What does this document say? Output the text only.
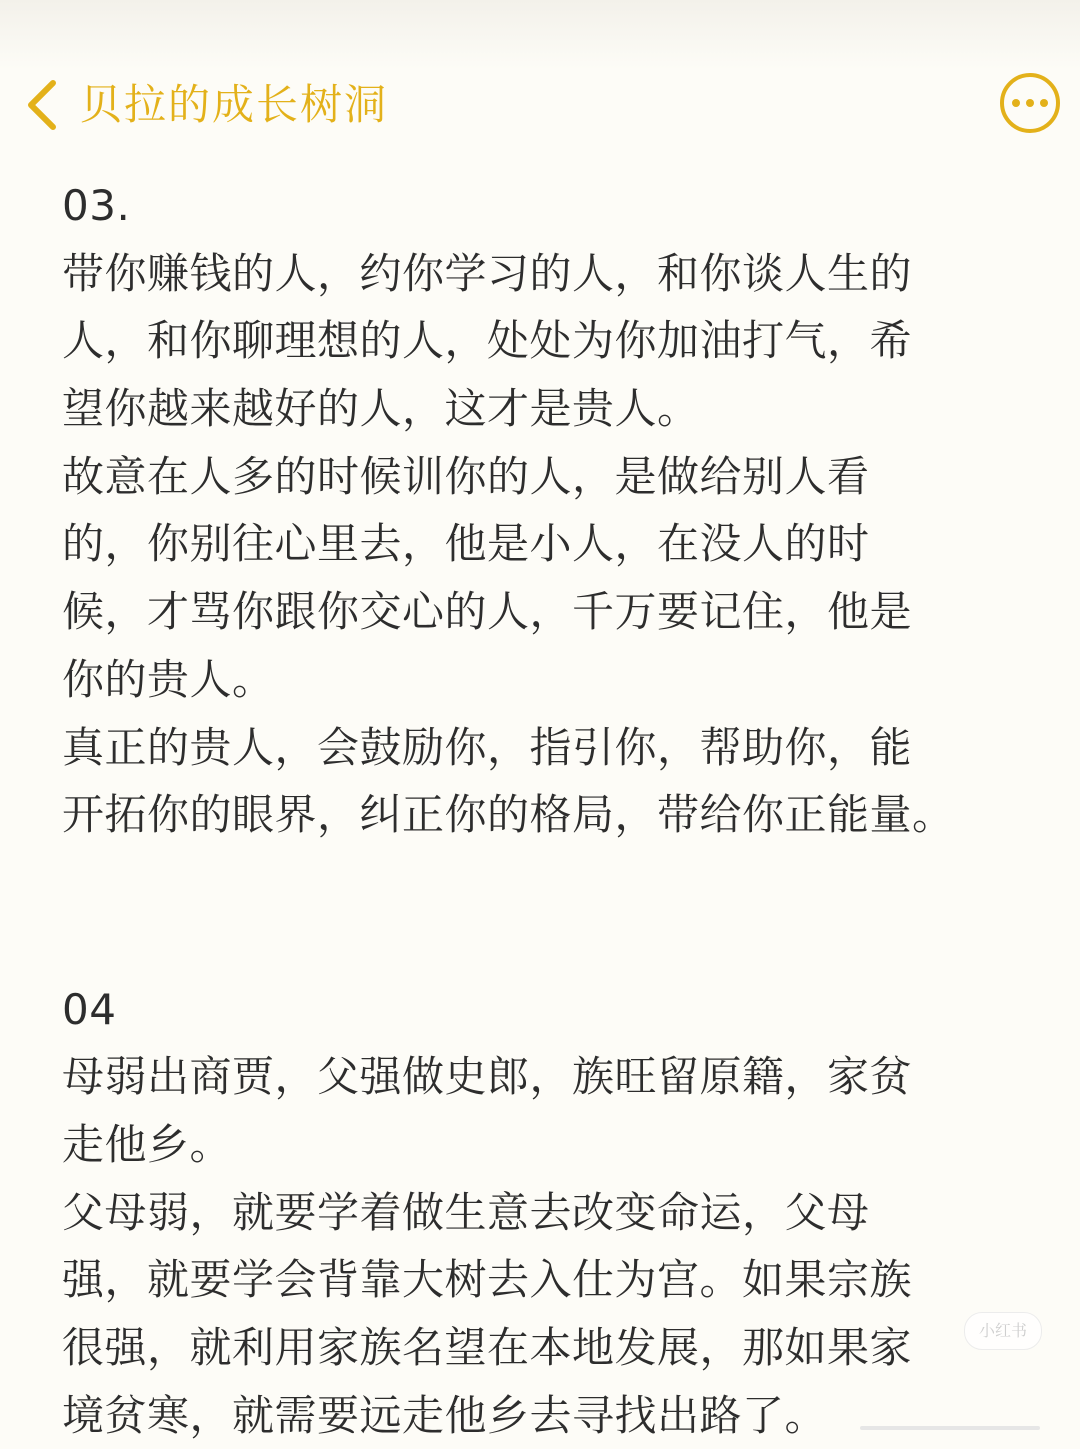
贝拉的成长树洞
03.
带你赚钱的人，约你学习的人，和你谈人生的
人，和你聊理想的人，处处为你加油打气，希
望你越来越好的人，这才是贵人。
故意在人多的时候训你的人，是做给别人看
的，你别往心里去，他是小人，在没人的时
候，才骂你跟你交心的人，千万要记住，他是
你的贵人。
真正的贵人，会鼓励你，指引你，帮助你，能
开拓你的眼界，纠正你的格局，带给你正能量。
04
母弱出商贾，父强做史郎，族旺留原籍，家贫
走他乡。
父母弱，就要学着做生意去改变命运，父母
强，就要学会背靠大树去入仕为宫。如果宗族
很强，就利用家族名望在本地发展，那如果家
境贫寒，就需要远走他乡去寻找出路了。
小红书
